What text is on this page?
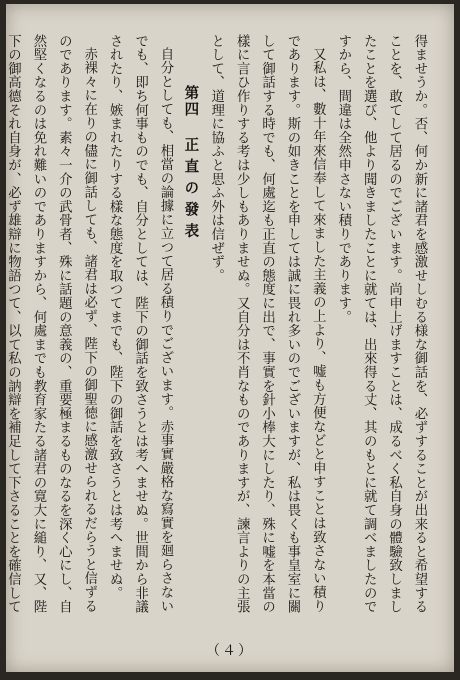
得ませうか。否、何か新に諸君を感激せしむる様な御話を、必ずすることが出来ると希望することを、敢てして居るのでございます。尚申上げますことは、成るべく私自身の體驗致しましたことを選び、他より聞きましたことに就ては、出來得る丈、其のもとに就て調べましたのですから、間違は全然申さない積りであります。

又私は、數十年來信奉して來ました主義の上より、嘘も方便などと申すことは致さない積りであります。斯の如きことを申しては誠に畏れ多いのでございますが、私は畏くも事皇室に關して御話する時でも、何處迄も正直の態度に出で、事實を針小棒大にしたり、殊に嘘を本當の樣に言ひ作りする考は少しもありませぬ。又自分は不肖なものでありますが、諫言よりの主張として、道理に協ふと思ふ外は信ぜず。

第四 正直の發表

自分としても、相當の論據に立つて居る積りでございます。赤事實嚴格な寫實を廻らさないでも、即ち何事ものでも、自分としては、陛下の御話を致さうとは考へませぬ。世間から非議されたり、嫉まれたりする樣な態度を取つてまでも、陛下の御話を致さうとは考へませぬ。

赤裸々に在りの儘に御話しても、諸君は必ず、陛下の御聖徳に感激せられるだらうと信ずるのであります。素々一介の武骨者、殊に話題の意義の、重要極まるものなるを深く心にし、自然堅くなるのは免れ難いのでありますから、何處までも教育家たる諸君の寛大に縋り、又、陛下の御高德それ自身が、必ず雄辯に物語つて、以て私の訥辯を補足して下さることを確信して

（４）
